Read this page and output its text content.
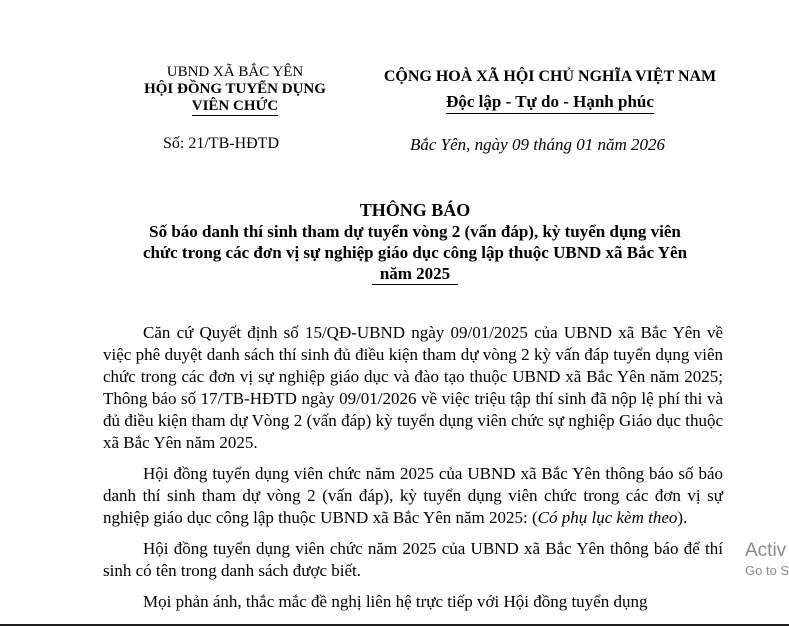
UBND XÃ BẮC YÊN
HỘI ĐỒNG TUYỂN DỤNG
VIÊN CHỨC
Số: 21/TB-HĐTD
CỘNG HOÀ XÃ HỘI CHỦ NGHĨA VIỆT NAM
Độc lập - Tự do - Hạnh phúc
Bắc Yên, ngày 09 tháng 01 năm 2026
THÔNG BÁO
Số báo danh thí sinh tham dự tuyển vòng 2 (vấn đáp), kỳ tuyển dụng viên
chức trong các đơn vị sự nghiệp giáo dục công lập thuộc UBND xã Bắc Yên
năm 2025

Căn cứ Quyết định số 15/QĐ-UBND ngày 09/01/2025 của UBND xã Bắc Yên về việc phê duyệt danh sách thí sinh đủ điều kiện tham dự vòng 2 kỳ vấn đáp tuyển dụng viên chức trong các đơn vị sự nghiệp giáo dục và đào tạo thuộc UBND xã Bắc Yên năm 2025; Thông báo số 17/TB-HĐTD ngày 09/01/2026 về việc triệu tập thí sinh đã nộp lệ phí thi và đủ điều kiện tham dự Vòng 2 (vấn đáp) kỳ tuyển dụng viên chức sự nghiệp Giáo dục thuộc xã Bắc Yên năm 2025.

Hội đồng tuyển dụng viên chức năm 2025 của UBND xã Bắc Yên thông báo số báo danh thí sinh tham dự vòng 2 (vấn đáp), kỳ tuyển dụng viên chức trong các đơn vị sự nghiệp giáo dục công lập thuộc UBND xã Bắc Yên năm 2025: (Có phụ lục kèm theo).

Hội đồng tuyển dụng viên chức năm 2025 của UBND xã Bắc Yên thông báo để thí sinh có tên trong danh sách được biết.

Mọi phản ánh, thắc mắc đề nghị liên hệ trực tiếp với Hội đồng tuyển dụng

Activ
Go to S
